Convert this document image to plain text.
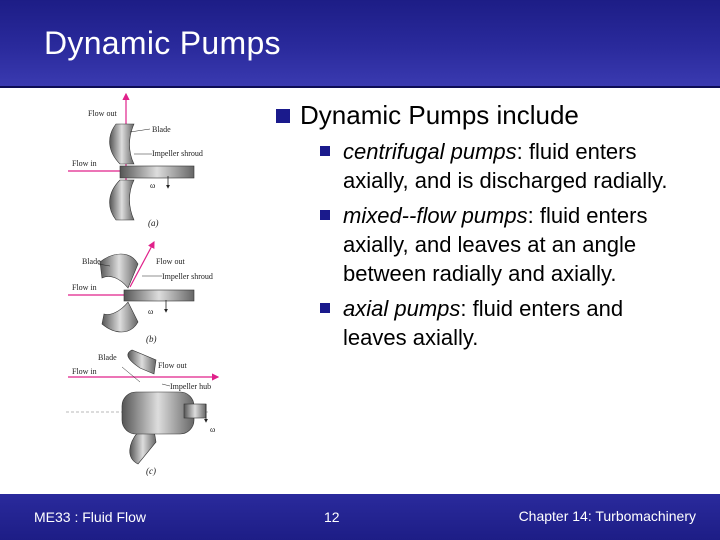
Dynamic Pumps
Flow out
Blade
Impeller shroud
Flow in
ω
(a)
Blade	Flow out
Impeller shroud
Flow in
ω
(b)
Blade
Flow out
Flow in
Impeller hub
ω
(c)
Dynamic Pumps include
centrifugal pumps: fluid enters axially, and is discharged radially.
mixed--flow pumps: fluid enters axially, and leaves at an angle between radially and axially.
axial pumps: fluid enters and leaves axially.
ME33 : Fluid Flow	12	Chapter 14: Turbomachinery
